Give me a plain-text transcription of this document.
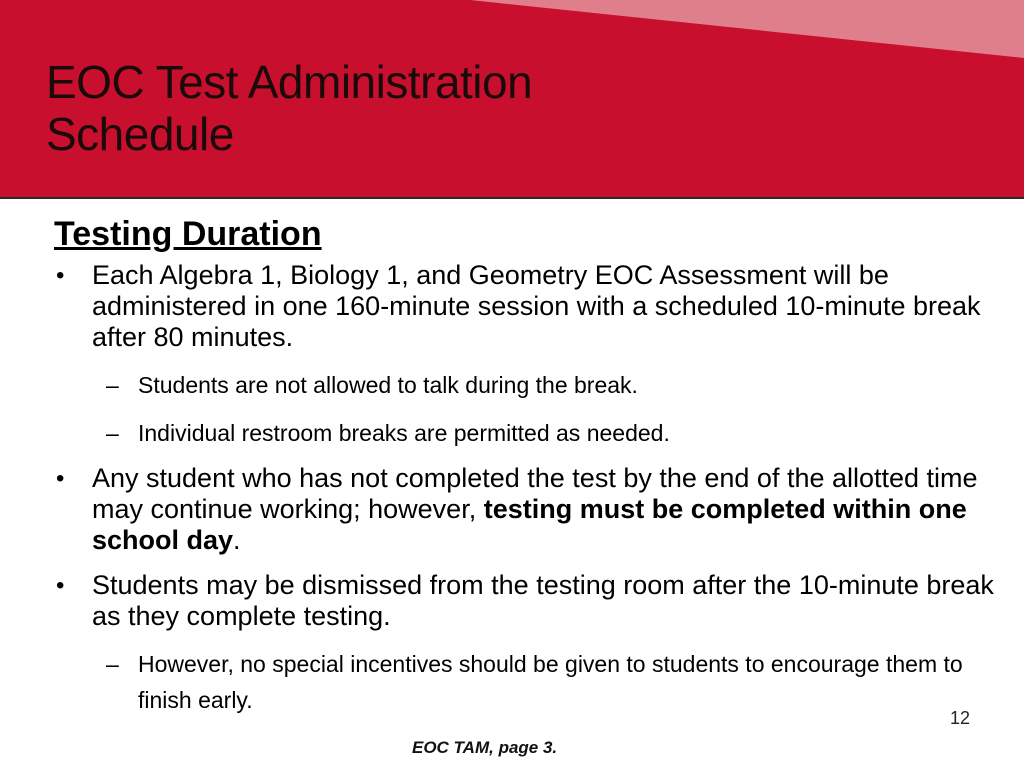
EOC Test Administration
Schedule
Testing Duration
• Each Algebra 1, Biology 1, and Geometry EOC Assessment will be administered in one 160-minute session with a scheduled 10-minute break after 80 minutes.
– Students are not allowed to talk during the break.
– Individual restroom breaks are permitted as needed.
• Any student who has not completed the test by the end of the allotted time may continue working; however, testing must be completed within one school day.
• Students may be dismissed from the testing room after the 10-minute break as they complete testing.
– However, no special incentives should be given to students to encourage them to finish early.
12
EOC TAM, page 3.
